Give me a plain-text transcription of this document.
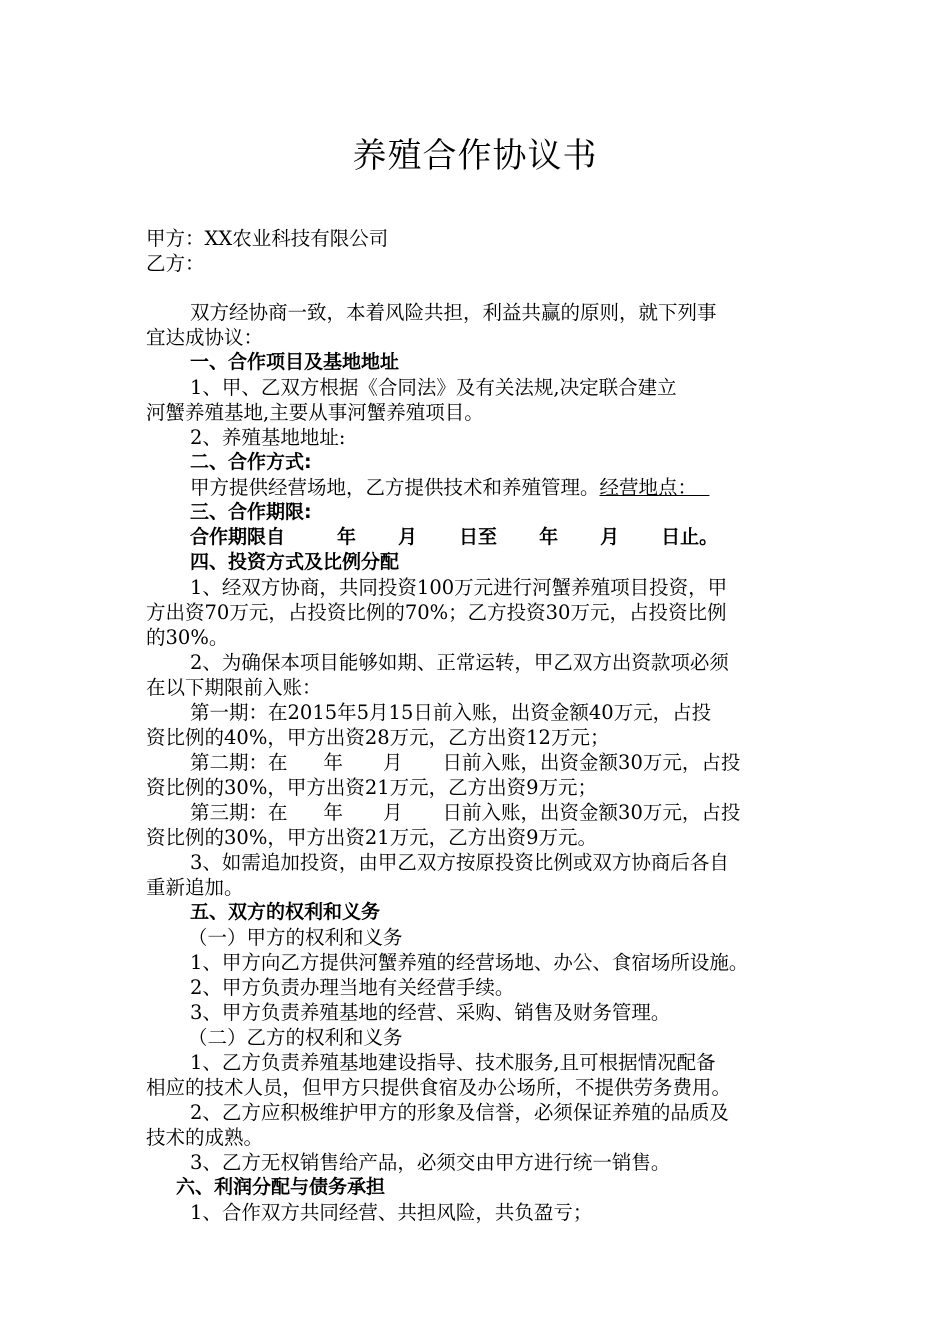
养殖合作协议书

甲方：XX农业科技有限公司

乙方：

双方经协商一致，本着风险共担，利益共赢的原则，就下列事

宜达成协议：

一、合作项目及基地地址

1、甲、乙双方根据《合同法》及有关法规,决定联合建立

河蟹养殖基地,主要从事河蟹养殖项目。

2、养殖基地地址:

二、合作方式:

甲方提供经营场地，乙方提供技术和养殖管理。经营地点：

三、合作期限:

合作期限自	年 月 日至 年 月 日止。

四、投资方式及比例分配

1、经双方协商，共同投资100万元进行河蟹养殖项目投资，甲

方出资70万元，占投资比例的70%；乙方投资30万元，占投资比例

的30%。

2、为确保本项目能够如期、正常运转，甲乙双方出资款项必须

在以下期限前入账：

第一期：在2015年5月15日前入账，出资金额40万元，占投

资比例的40%，甲方出资28万元，乙方出资12万元；

第二期：在 年 月 日前入账，出资金额30万元，占投

资比例的30%，甲方出资21万元，乙方出资9万元；

第三期：在 年 月 日前入账，出资金额30万元，占投

资比例的30%，甲方出资21万元，乙方出资9万元。

3、如需追加投资，由甲乙双方按原投资比例或双方协商后各自

重新追加。

五、双方的权利和义务

（一）甲方的权利和义务

1、甲方向乙方提供河蟹养殖的经营场地、办公、食宿场所设施。

2、甲方负责办理当地有关经营手续。

3、甲方负责养殖基地的经营、采购、销售及财务管理。

（二）乙方的权利和义务

1、乙方负责养殖基地建设指导、技术服务,且可根据情况配备

相应的技术人员，但甲方只提供食宿及办公场所，不提供劳务费用。

2、乙方应积极维护甲方的形象及信誉，必须保证养殖的品质及

技术的成熟。

3、乙方无权销售给产品，必须交由甲方进行统一销售。

六、利润分配与债务承担

1、合作双方共同经营、共担风险，共负盈亏；
